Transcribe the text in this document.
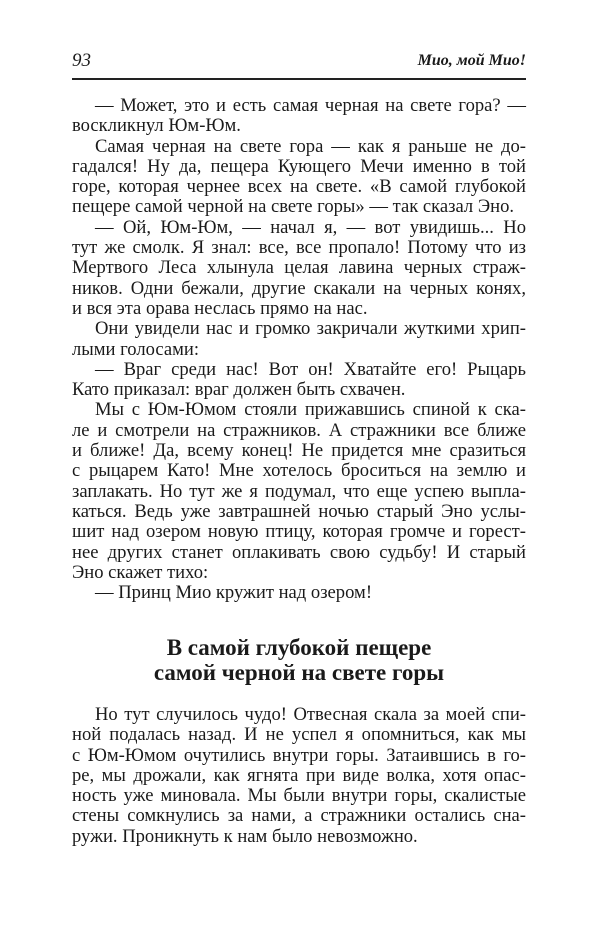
93	Мио, мой Мио!
— Может, это и есть самая черная на свете гора? —
воскликнул Юм-Юм.
Самая черная на свете гора — как я раньше не до-
гадался! Ну да, пещера Кующего Мечи именно в той
горе, которая чернее всех на свете. «В самой глубокой
пещере самой черной на свете горы» — так сказал Эно.
— Ой, Юм-Юм, — начал я, — вот увидишь... Но
тут же смолк. Я знал: все, все пропало! Потому что из
Мертвого Леса хлынула целая лавина черных страж-
ников. Одни бежали, другие скакали на черных конях,
и вся эта орава неслась прямо на нас.
Они увидели нас и громко закричали жуткими хрип-
лыми голосами:
— Враг среди нас! Вот он! Хватайте его! Рыцарь
Като приказал: враг должен быть схвачен.
Мы с Юм-Юмом стояли прижавшись спиной к ска-
ле и смотрели на стражников. А стражники все ближе
и ближе! Да, всему конец! Не придется мне сразиться
с рыцарем Като! Мне хотелось броситься на землю и
заплакать. Но тут же я подумал, что еще успею выпла-
каться. Ведь уже завтрашней ночью старый Эно услы-
шит над озером новую птицу, которая громче и горест-
нее других станет оплакивать свою судьбу! И старый
Эно скажет тихо:
— Принц Мио кружит над озером!
В самой глубокой пещере
самой черной на свете горы
Но тут случилось чудо! Отвесная скала за моей спи-
ной подалась назад. И не успел я опомниться, как мы
с Юм-Юмом очутились внутри горы. Затаившись в го-
ре, мы дрожали, как ягнята при виде волка, хотя опас-
ность уже миновала. Мы были внутри горы, скалистые
стены сомкнулись за нами, а стражники остались сна-
ружи. Проникнуть к нам было невозможно.
